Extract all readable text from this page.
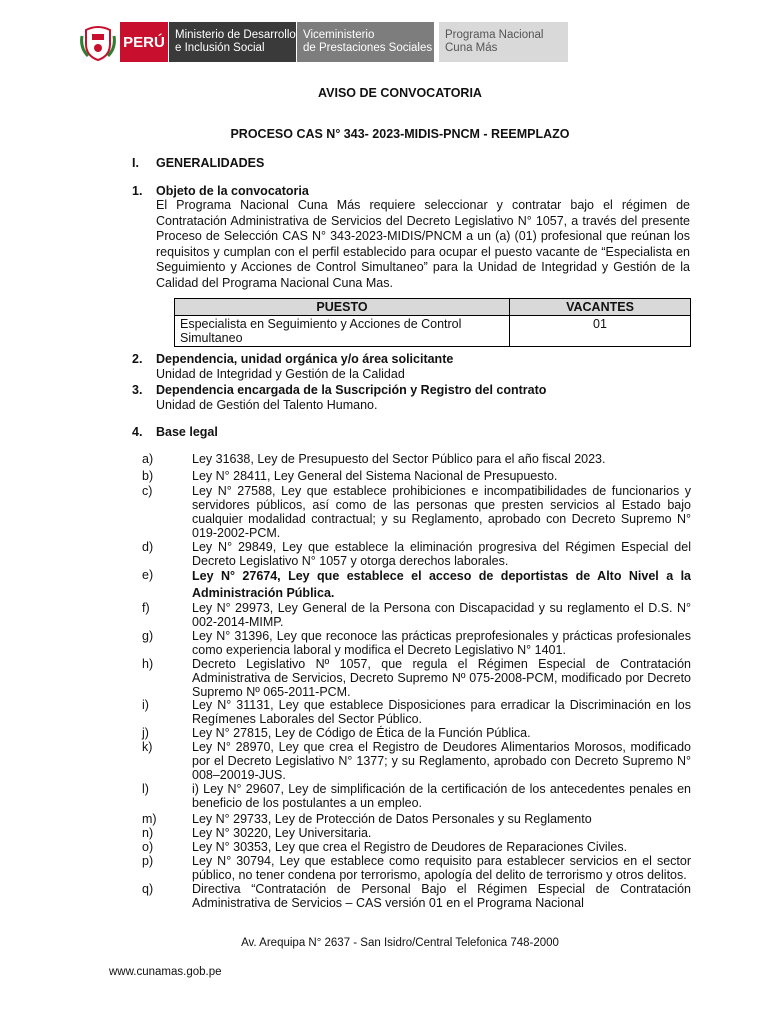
PERÚ Ministerio de Desarrollo
e Inclusión Social
Viceministerio
de Prestaciones Sociales
Programa Nacional
Cuna Más
AVISO DE CONVOCATORIA
PROCESO CAS N° 343- 2023-MIDIS-PNCM - REEMPLAZO
I. GENERALIDADES
1. Objeto de la convocatoria
El Programa Nacional Cuna Más requiere seleccionar y contratar bajo el régimen de Contratación Administrativa de Servicios del Decreto Legislativo N° 1057, a través del presente Proceso de Selección CAS N° 343-2023-MIDIS/PNCM a un (a) (01) profesional que reúnan los requisitos y cumplan con el perfil establecido para ocupar el puesto vacante de “Especialista en Seguimiento y Acciones de Control Simultaneo” para la Unidad de Integridad y Gestión de la Calidad del Programa Nacional Cuna Mas.
PUESTO	VACANTES
Especialista en Seguimiento y Acciones de Control Simultaneo	01
2. Dependencia, unidad orgánica y/o área solicitante
Unidad de Integridad y Gestión de la Calidad
3. Dependencia encargada de la Suscripción y Registro del contrato
Unidad de Gestión del Talento Humano.
4. Base legal
a)	Ley 31638, Ley de Presupuesto del Sector Público para el año fiscal 2023.
b)	Ley N° 28411, Ley General del Sistema Nacional de Presupuesto.
c)	Ley N° 27588, Ley que establece prohibiciones e incompatibilidades de funcionarios y servidores públicos, así como de las personas que presten servicios al Estado bajo cualquier modalidad contractual; y su Reglamento, aprobado con Decreto Supremo N° 019-2002-PCM.
d)	Ley N° 29849, Ley que establece la eliminación progresiva del Régimen Especial del Decreto Legislativo N° 1057 y otorga derechos laborales.
e)	Ley N° 27674, Ley que establece el acceso de deportistas de Alto Nivel a la Administración Pública.
f)	Ley N° 29973, Ley General de la Persona con Discapacidad y su reglamento el D.S. N° 002-2014-MIMP.
g)	Ley N° 31396, Ley que reconoce las prácticas preprofesionales y prácticas profesionales como experiencia laboral y modifica el Decreto Legislativo N° 1401.
h)	Decreto Legislativo Nº 1057, que regula el Régimen Especial de Contratación Administrativa de Servicios, Decreto Supremo Nº 075-2008-PCM, modificado por Decreto Supremo Nº 065-2011-PCM.
i)	Ley N° 31131, Ley que establece Disposiciones para erradicar la Discriminación en los Regímenes Laborales del Sector Público.
j)	Ley N° 27815, Ley de Código de Ética de la Función Pública.
k)	Ley N° 28970, Ley que crea el Registro de Deudores Alimentarios Morosos, modificado por el Decreto Legislativo N° 1377; y su Reglamento, aprobado con Decreto Supremo N° 008–20019-JUS.
l)	i) Ley N° 29607, Ley de simplificación de la certificación de los antecedentes penales en beneficio de los postulantes a un empleo.
m)	Ley N° 29733, Ley de Protección de Datos Personales y su Reglamento
n)	Ley N° 30220, Ley Universitaria.
o)	Ley N° 30353, Ley que crea el Registro de Deudores de Reparaciones Civiles.
p)	Ley N° 30794, Ley que establece como requisito para establecer servicios en el sector público, no tener condena por terrorismo, apología del delito de terrorismo y otros delitos.
q)	Directiva “Contratación de Personal Bajo el Régimen Especial de Contratación Administrativa de Servicios – CAS versión 01 en el Programa Nacional
Av. Arequipa N° 2637 - San Isidro/Central Telefonica 748-2000
www.cunamas.gob.pe
